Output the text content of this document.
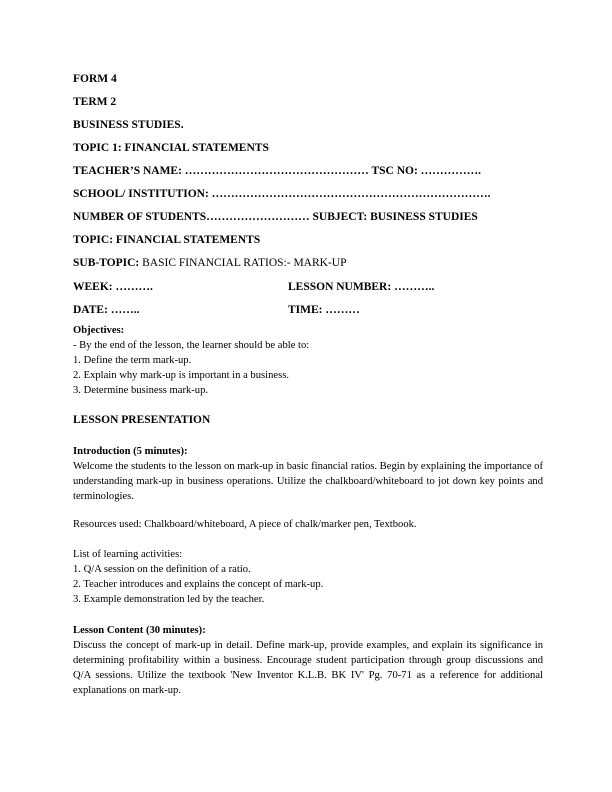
FORM 4
TERM 2
BUSINESS STUDIES.
TOPIC 1: FINANCIAL STATEMENTS
TEACHER’S NAME: ………………………………………… TSC NO: …………….
SCHOOL/ INSTITUTION: ……………………………………………………………….
NUMBER OF STUDENTS……………………… SUBJECT: BUSINESS STUDIES
TOPIC: FINANCIAL STATEMENTS
SUB-TOPIC: BASIC FINANCIAL RATIOS:- MARK-UP
WEEK: ……….	LESSON NUMBER: ………..
DATE: ……..	TIME: ………
Objectives:
- By the end of the lesson, the learner should be able to:
1. Define the term mark-up.
2. Explain why mark-up is important in a business.
3. Determine business mark-up.
LESSON PRESENTATION
Introduction (5 minutes):
Welcome the students to the lesson on mark-up in basic financial ratios. Begin by explaining the importance of understanding mark-up in business operations. Utilize the chalkboard/whiteboard to jot down key points and terminologies.
Resources used: Chalkboard/whiteboard, A piece of chalk/marker pen, Textbook.
List of learning activities:
1. Q/A session on the definition of a ratio.
2. Teacher introduces and explains the concept of mark-up.
3. Example demonstration led by the teacher.
Lesson Content (30 minutes):
Discuss the concept of mark-up in detail. Define mark-up, provide examples, and explain its significance in determining profitability within a business. Encourage student participation through group discussions and Q/A sessions. Utilize the textbook 'New Inventor K.L.B. BK IV' Pg. 70-71 as a reference for additional explanations on mark-up.
